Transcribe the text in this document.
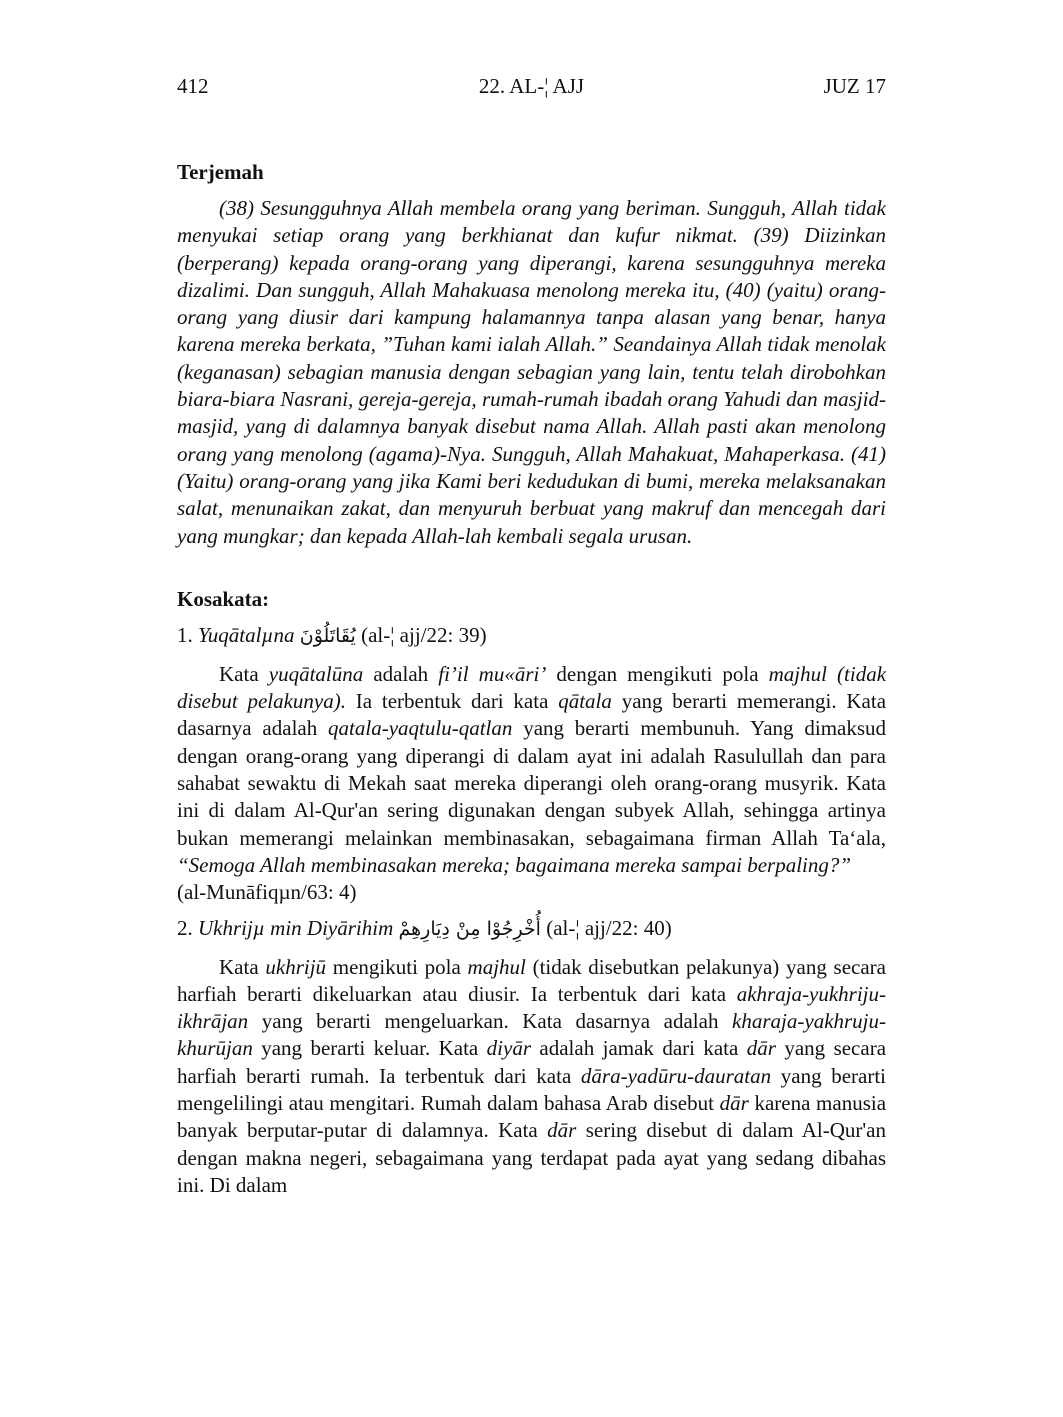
412	22. AL-¦ AJJ	JUZ 17
Terjemah

(38) Sesungguhnya Allah membela orang yang beriman. Sungguh, Allah tidak menyukai setiap orang yang berkhianat dan kufur nikmat. (39) Diizinkan (berperang) kepada orang-orang yang diperangi, karena sesungguhnya mereka dizalimi. Dan sungguh, Allah Mahakuasa menolong mereka itu, (40) (yaitu) orang-orang yang diusir dari kampung halamannya tanpa alasan yang benar, hanya karena mereka berkata, ”Tuhan kami ialah Allah.” Seandainya Allah tidak menolak (keganasan) sebagian manusia dengan sebagian yang lain, tentu telah dirobohkan biara-biara Nasrani, gereja-gereja, rumah-rumah ibadah orang Yahudi dan masjid-masjid, yang di dalamnya banyak disebut nama Allah. Allah pasti akan menolong orang yang menolong (agama)-Nya. Sungguh, Allah Mahakuat, Mahaperkasa. (41) (Yaitu) orang-orang yang jika Kami beri kedudukan di bumi, mereka melaksanakan salat, menunaikan zakat, dan menyuruh berbuat yang makruf dan mencegah dari yang mungkar; dan kepada Allah-lah kembali segala urusan.

Kosakata:

1. Yuqātalµna يُقَاتَلُوْنَ (al-¦ ajj/22: 39)

Kata yuqātalūna adalah fi’il mu«āri’ dengan mengikuti pola majhul (tidak disebut pelakunya). Ia terbentuk dari kata qātala yang berarti memerangi. Kata dasarnya adalah qatala-yaqtulu-qatlan yang berarti membunuh. Yang dimaksud dengan orang-orang yang diperangi di dalam ayat ini adalah Rasulullah dan para sahabat sewaktu di Mekah saat mereka diperangi oleh orang-orang musyrik. Kata ini di dalam Al-Qur'an sering digunakan dengan subyek Allah, sehingga artinya bukan memerangi melainkan membinasakan, sebagaimana firman Allah Ta‘ala, “Semoga Allah membinasakan mereka; bagaimana mereka sampai berpaling?”
(al-Munāfiqµn/63: 4)

2. Ukhrijµ min Diyārihim أُخْرِجُوْا مِنْ دِيَارِهِمْ (al-¦ ajj/22: 40)

Kata ukhrijū mengikuti pola majhul (tidak disebutkan pelakunya) yang secara harfiah berarti dikeluarkan atau diusir. Ia terbentuk dari kata akhraja-yukhriju-ikhrājan yang berarti mengeluarkan. Kata dasarnya adalah kharaja-yakhruju-khurūjan yang berarti keluar. Kata diyār adalah jamak dari kata dār yang secara harfiah berarti rumah. Ia terbentuk dari kata dāra-yadūru-dauratan yang berarti mengelilingi atau mengitari. Rumah dalam bahasa Arab disebut dār karena manusia banyak berputar-putar di dalamnya. Kata dār sering disebut di dalam Al-Qur'an dengan makna negeri, sebagaimana yang terdapat pada ayat yang sedang dibahas ini. Di dalam
